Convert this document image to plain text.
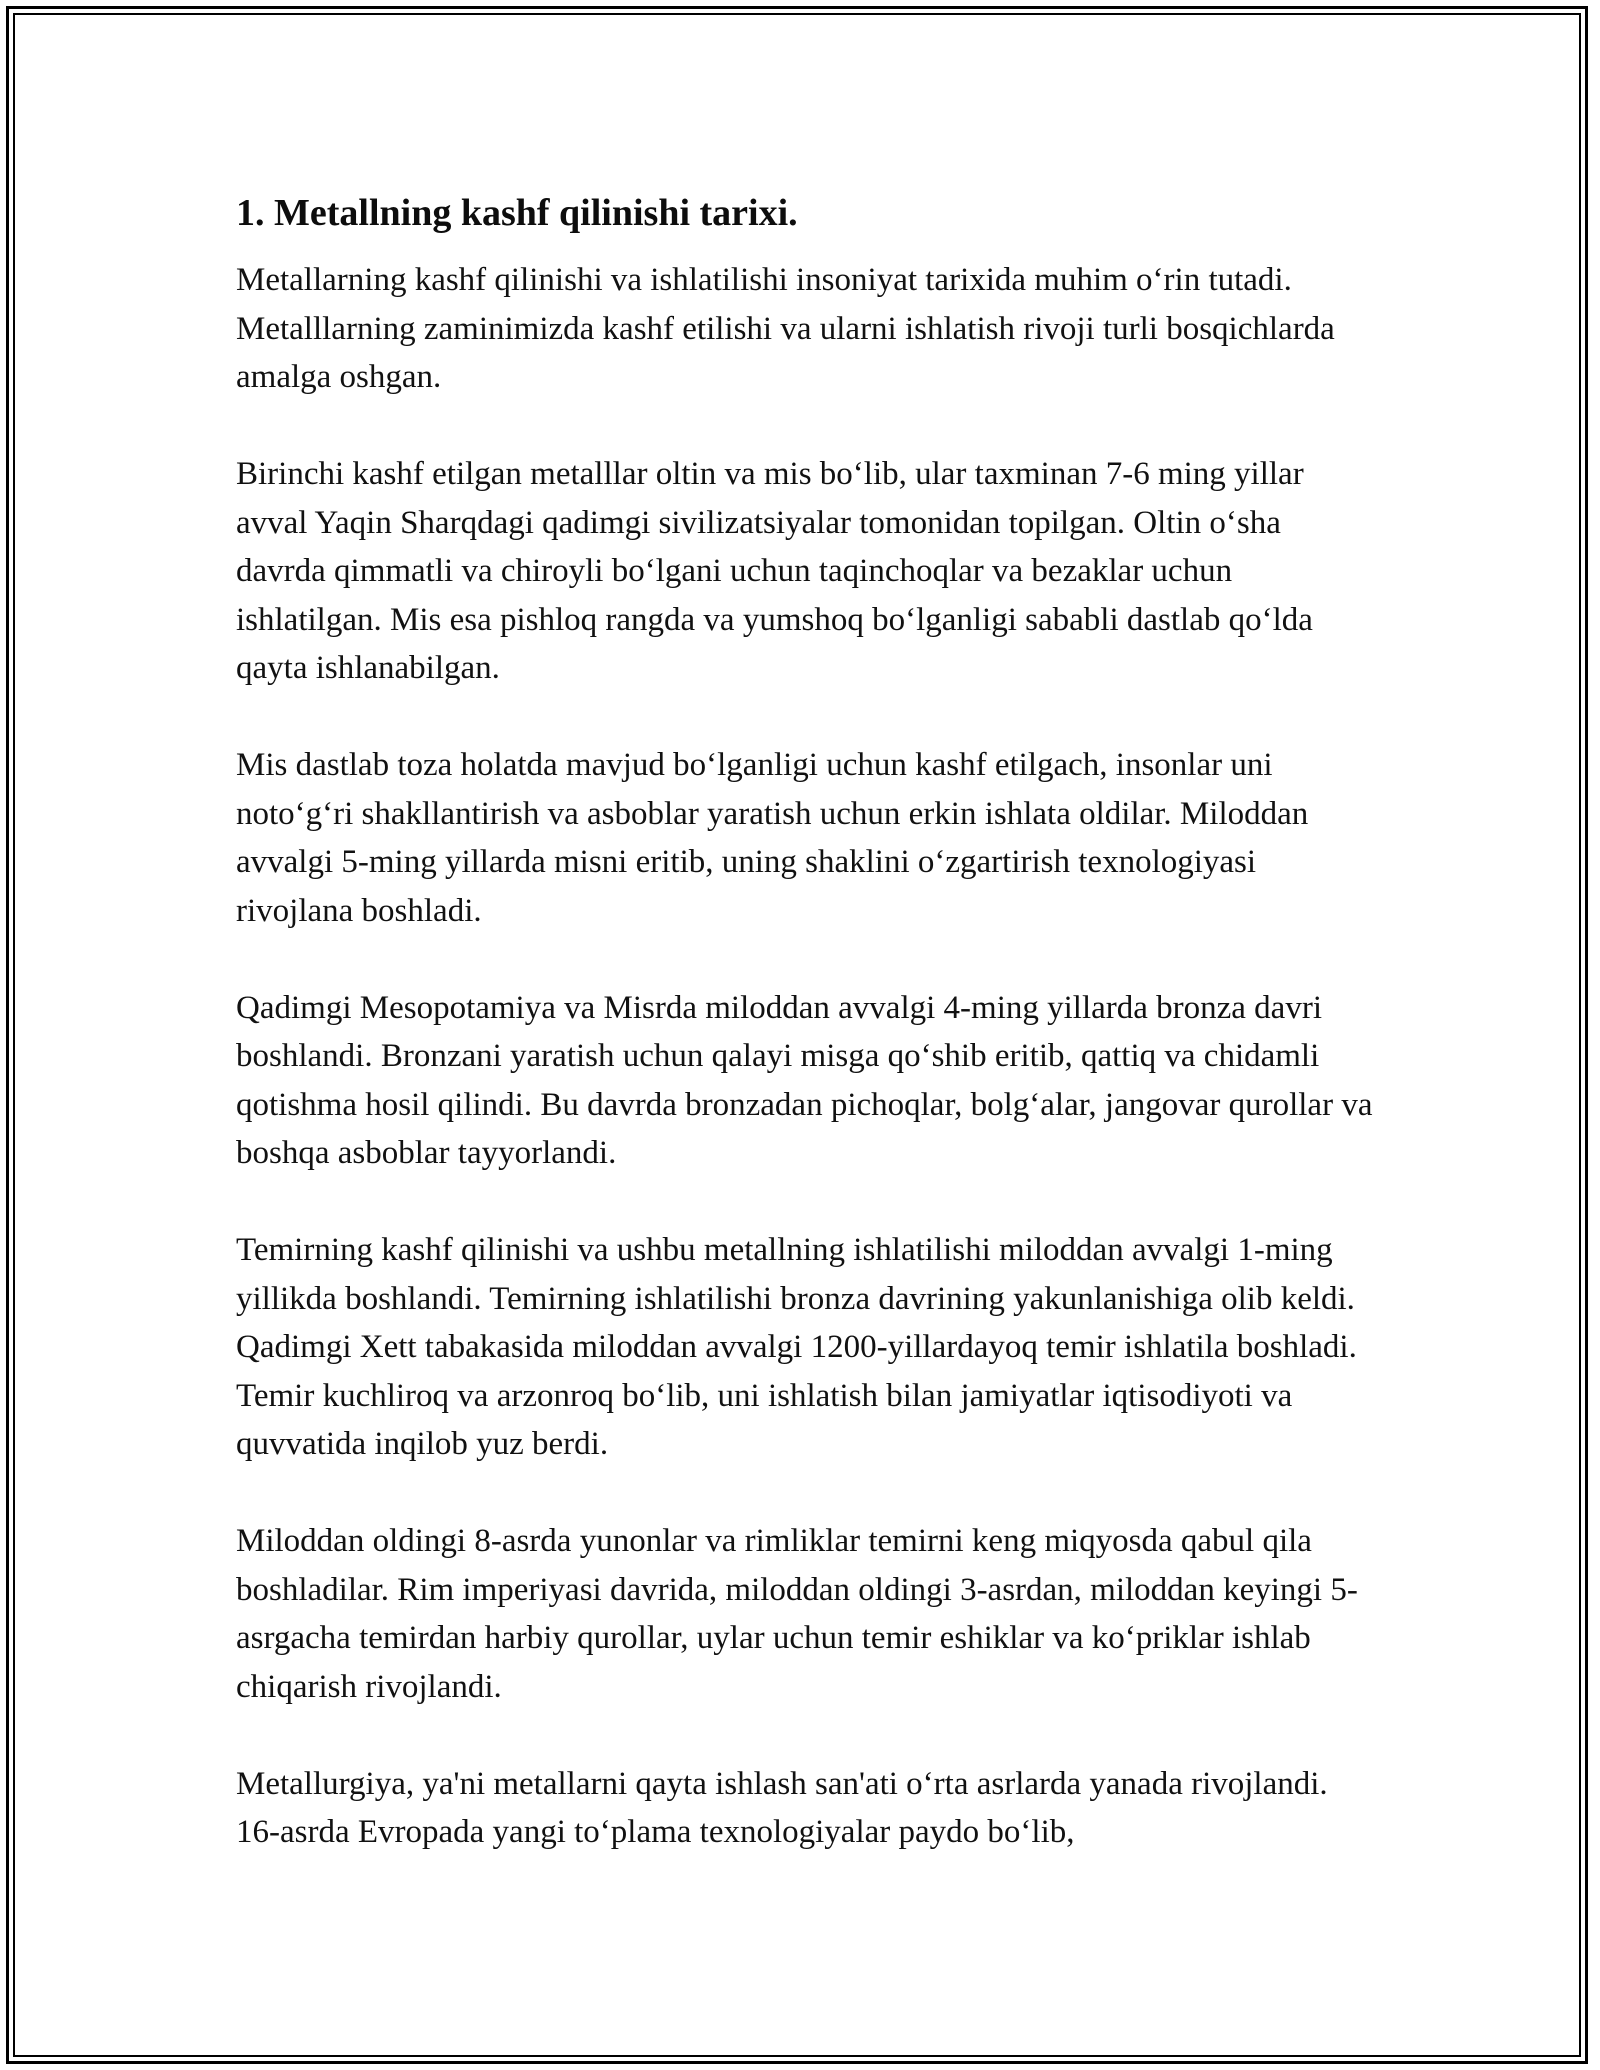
1. Metallning kashf qilinishi tarixi.

Metallarning kashf qilinishi va ishlatilishi insoniyat tarixida muhim o‘rin tutadi. Metalllarning zaminimizda kashf etilishi va ularni ishlatish rivoji turli bosqichlarda amalga oshgan.

Birinchi kashf etilgan metalllar oltin va mis bo‘lib, ular taxminan 7-6 ming yillar avval Yaqin Sharqdagi qadimgi sivilizatsiyalar tomonidan topilgan. Oltin o‘sha davrda qimmatli va chiroyli bo‘lgani uchun taqinchoqlar va bezaklar uchun ishlatilgan. Mis esa pishloq rangda va yumshoq bo‘lganligi sababli dastlab qo‘lda qayta ishlanabilgan.

Mis dastlab toza holatda mavjud bo‘lganligi uchun kashf etilgach, insonlar uni noto‘g‘ri shakllantirish va asboblar yaratish uchun erkin ishlata oldilar. Miloddan avvalgi 5-ming yillarda misni eritib, uning shaklini o‘zgartirish texnologiyasi rivojlana boshladi.

Qadimgi Mesopotamiya va Misrda miloddan avvalgi 4-ming yillarda bronza davri boshlandi. Bronzani yaratish uchun qalayi misga qo‘shib eritib, qattiq va chidamli qotishma hosil qilindi. Bu davrda bronzadan pichoqlar, bolg‘alar, jangovar qurollar va boshqa asboblar tayyorlandi.

Temirning kashf qilinishi va ushbu metallning ishlatilishi miloddan avvalgi 1-ming yillikda boshlandi. Temirning ishlatilishi bronza davrining yakunlanishiga olib keldi. Qadimgi Xett tabakasida miloddan avvalgi 1200-yillardayoq temir ishlatila boshladi. Temir kuchliroq va arzonroq bo‘lib, uni ishlatish bilan jamiyatlar iqtisodiyoti va quvvatida inqilob yuz berdi.

Miloddan oldingi 8-asrda yunonlar va rimliklar temirni keng miqyosda qabul qila boshladilar. Rim imperiyasi davrida, miloddan oldingi 3-asrdan, miloddan keyingi 5-asrgacha temirdan harbiy qurollar, uylar uchun temir eshiklar va ko‘priklar ishlab chiqarish rivojlandi.

Metallurgiya, ya'ni metallarni qayta ishlash san'ati o‘rta asrlarda yanada rivojlandi. 16-asrda Evropada yangi to‘plama texnologiyalar paydo bo‘lib,
